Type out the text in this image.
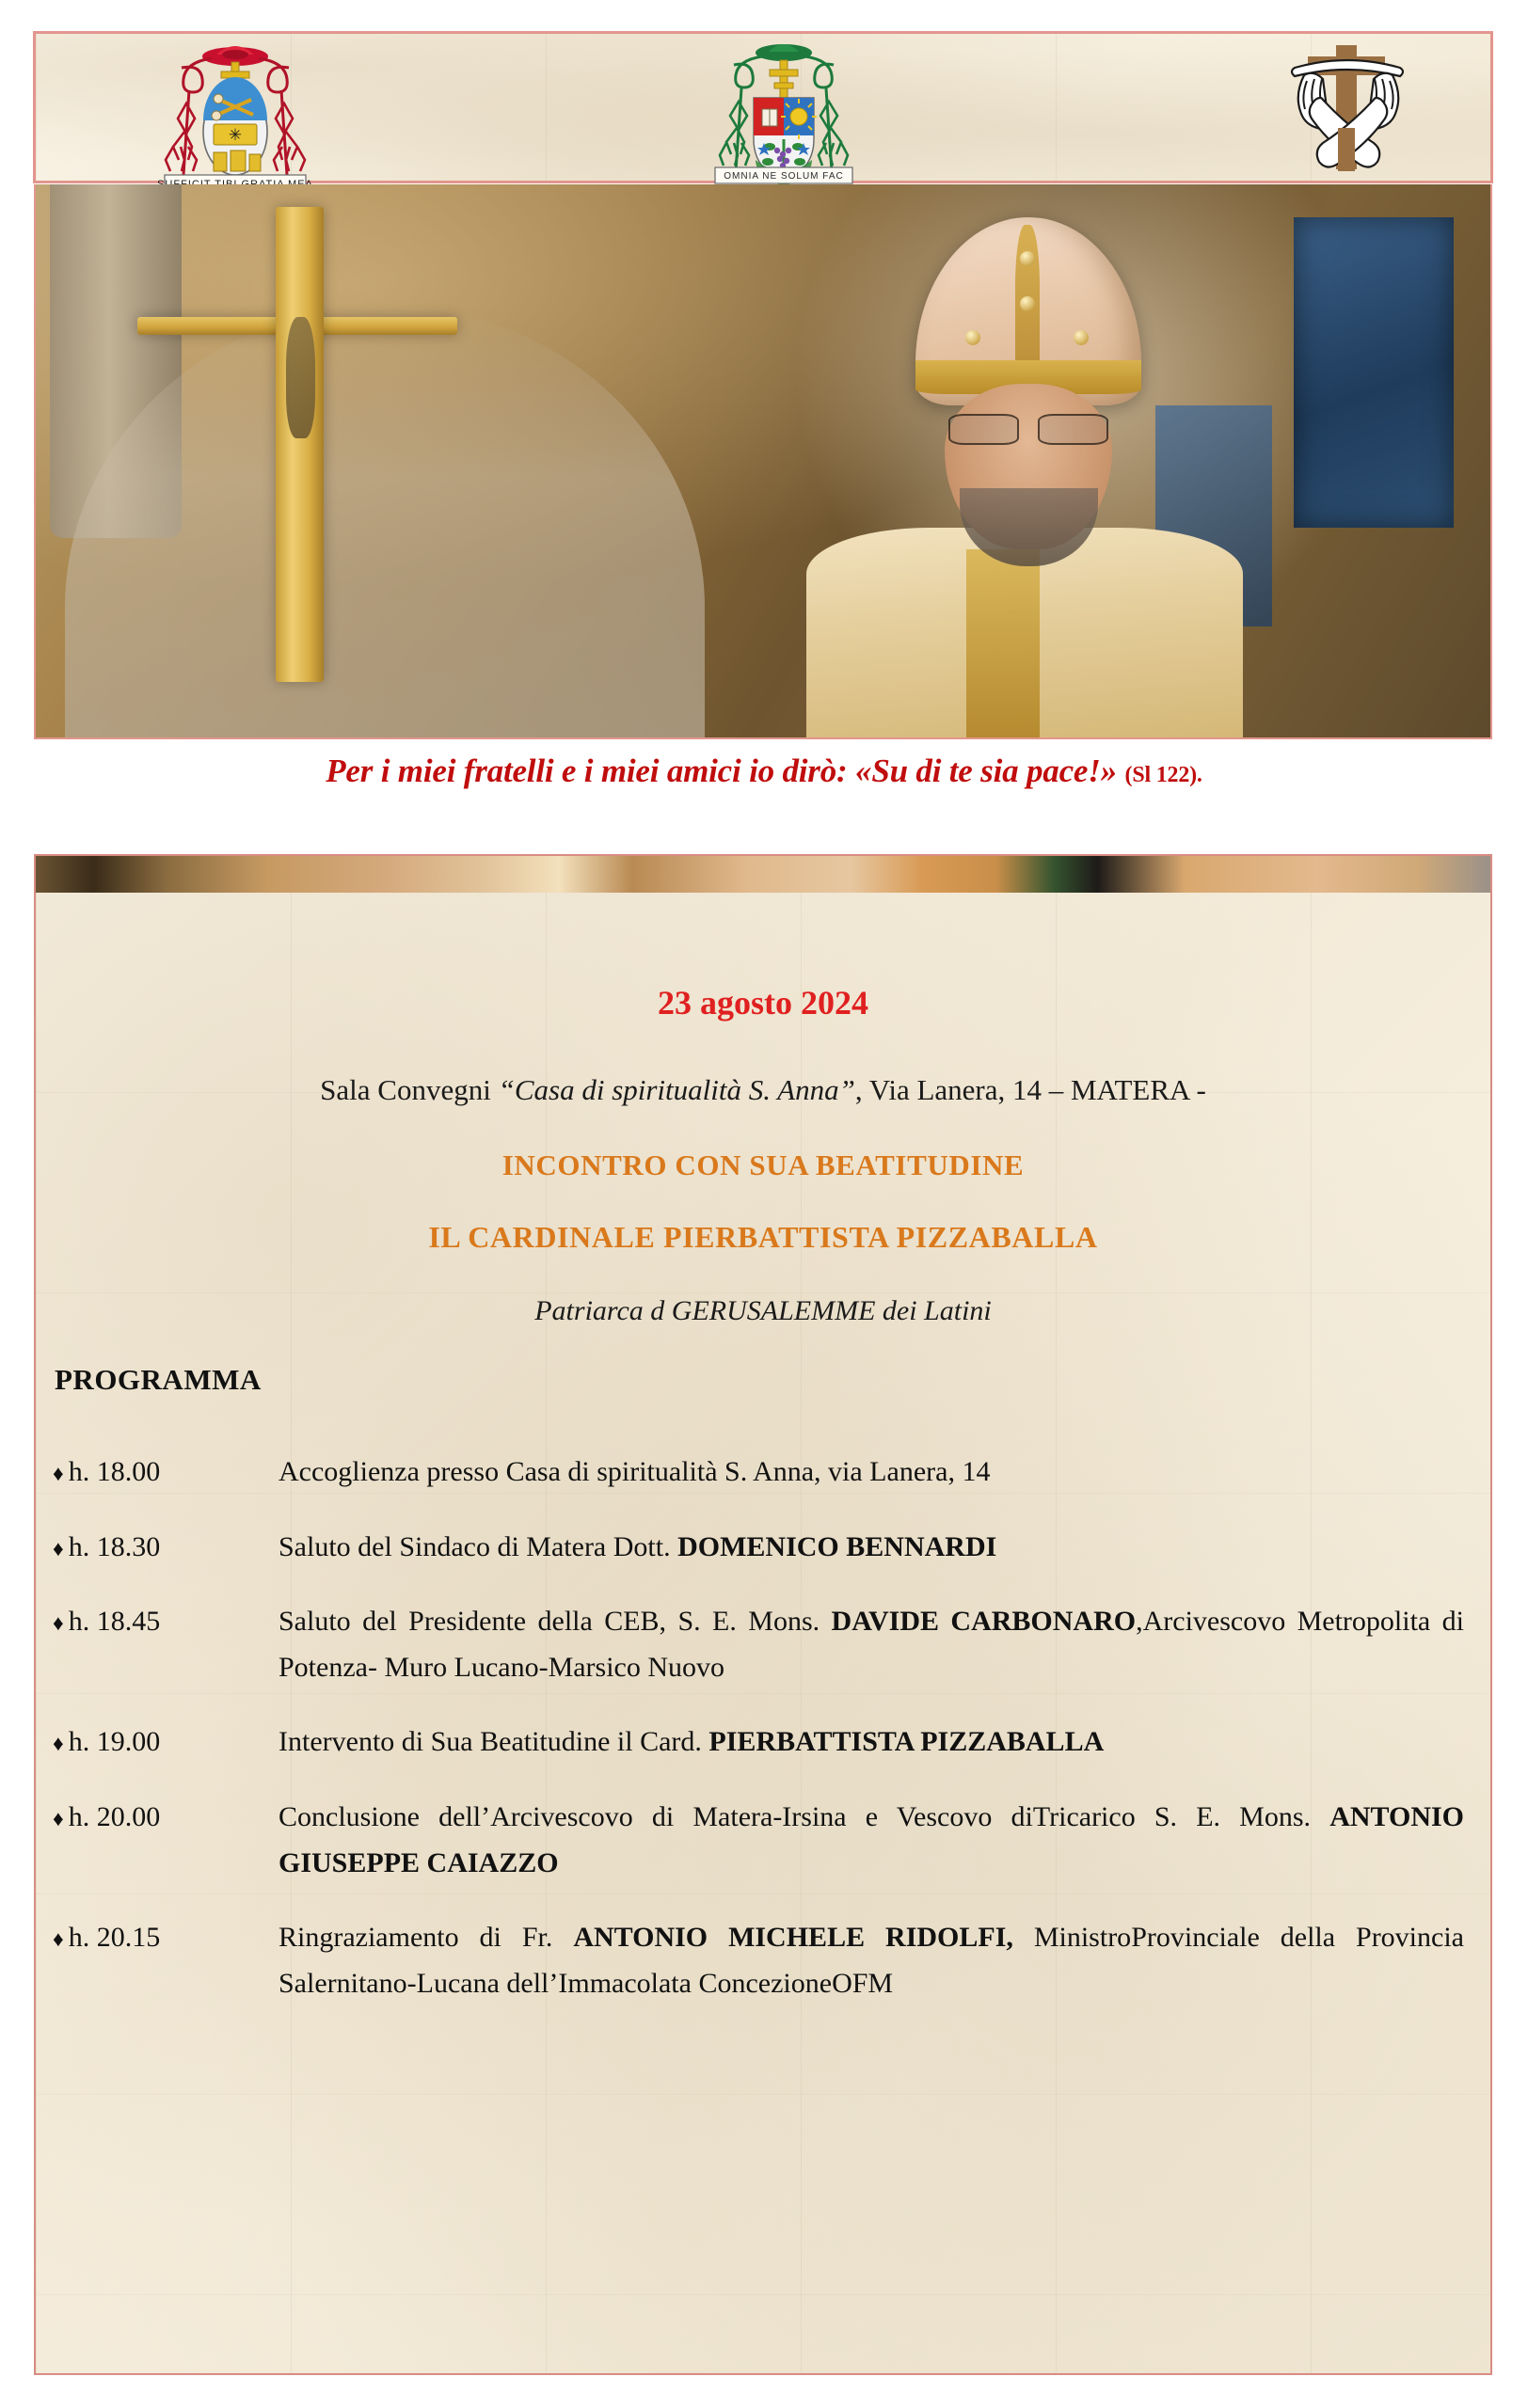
✳
OMNIA NE SOLUM FAC
Per i miei fratelli e i miei amici io dirò: «Su di te sia pace!» (Sl 122).
23 agosto 2024
Sala Convegni “Casa di spiritualità S. Anna”, Via Lanera, 14 – MATERA -
INCONTRO CON SUA BEATITUDINE
IL CARDINALE PIERBATTISTA PIZZABALLA
Patriarca d GERUSALEMME dei Latini
PROGRAMMA
♦ h. 18.00	Accoglienza presso Casa di spiritualità S. Anna, via Lanera, 14
♦ h. 18.30	Saluto del Sindaco di Matera Dott. DOMENICO BENNARDI
♦ h. 18.45	Saluto del Presidente della CEB, S. E. Mons. DAVIDE CARBONARO,Arcivescovo Metropolita di Potenza- Muro Lucano-Marsico Nuovo
♦ h. 19.00	Intervento di Sua Beatitudine il Card. PIERBATTISTA PIZZABALLA
♦ h. 20.00	Conclusione dell’Arcivescovo di Matera-Irsina e Vescovo diTricarico S. E. Mons. ANTONIO GIUSEPPE CAIAZZO
♦ h. 20.15	Ringraziamento di Fr. ANTONIO MICHELE RIDOLFI, MinistroProvinciale della Provincia Salernitano-Lucana dell’Immacolata ConcezioneOFM
